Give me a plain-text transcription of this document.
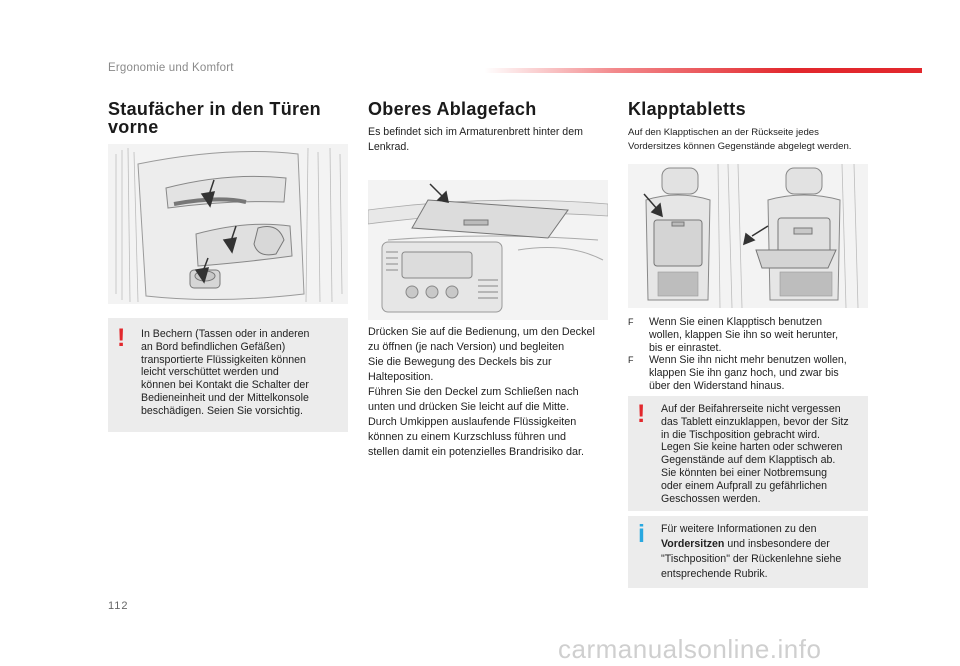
Ergonomie und Komfort
Staufächer in den Türen
vorne
! In Bechern (Tassen oder in anderen
an Bord befindlichen Gefäßen)
transportierte Flüssigkeiten können
leicht verschüttet werden und
können bei Kontakt die Schalter der
Bedieneinheit und der Mittelkonsole
beschädigen. Seien Sie vorsichtig.
Oberes Ablagefach
Es befindet sich im Armaturenbrett hinter dem
Lenkrad.
Drücken Sie auf die Bedienung, um den Deckel
zu öffnen (je nach Version) und begleiten
Sie die Bewegung des Deckels bis zur
Halteposition.
Führen Sie den Deckel zum Schließen nach
unten und drücken Sie leicht auf die Mitte.
Durch Umkippen auslaufende Flüssigkeiten
können zu einem Kurzschluss führen und
stellen damit ein potenzielles Brandrisiko dar.
Klapptabletts
Auf den Klapptischen an der Rückseite jedes
Vordersitzes können Gegenstände abgelegt werden.
F Wenn Sie einen Klapptisch benutzen
wollen, klappen Sie ihn so weit herunter,
bis er einrastet.
F Wenn Sie ihn nicht mehr benutzen wollen,
klappen Sie ihn ganz hoch, und zwar bis
über den Widerstand hinaus.
! Auf der Beifahrerseite nicht vergessen
das Tablett einzuklappen, bevor der Sitz
in die Tischposition gebracht wird.
Legen Sie keine harten oder schweren
Gegenstände auf dem Klapptisch ab.
Sie könnten bei einer Notbremsung
oder einem Aufprall zu gefährlichen
Geschossen werden.
i Für weitere Informationen zu den
Vordersitzen und insbesondere der
"Tischposition" der Rückenlehne siehe
entsprechende Rubrik.
112
carmanualsonline.info
